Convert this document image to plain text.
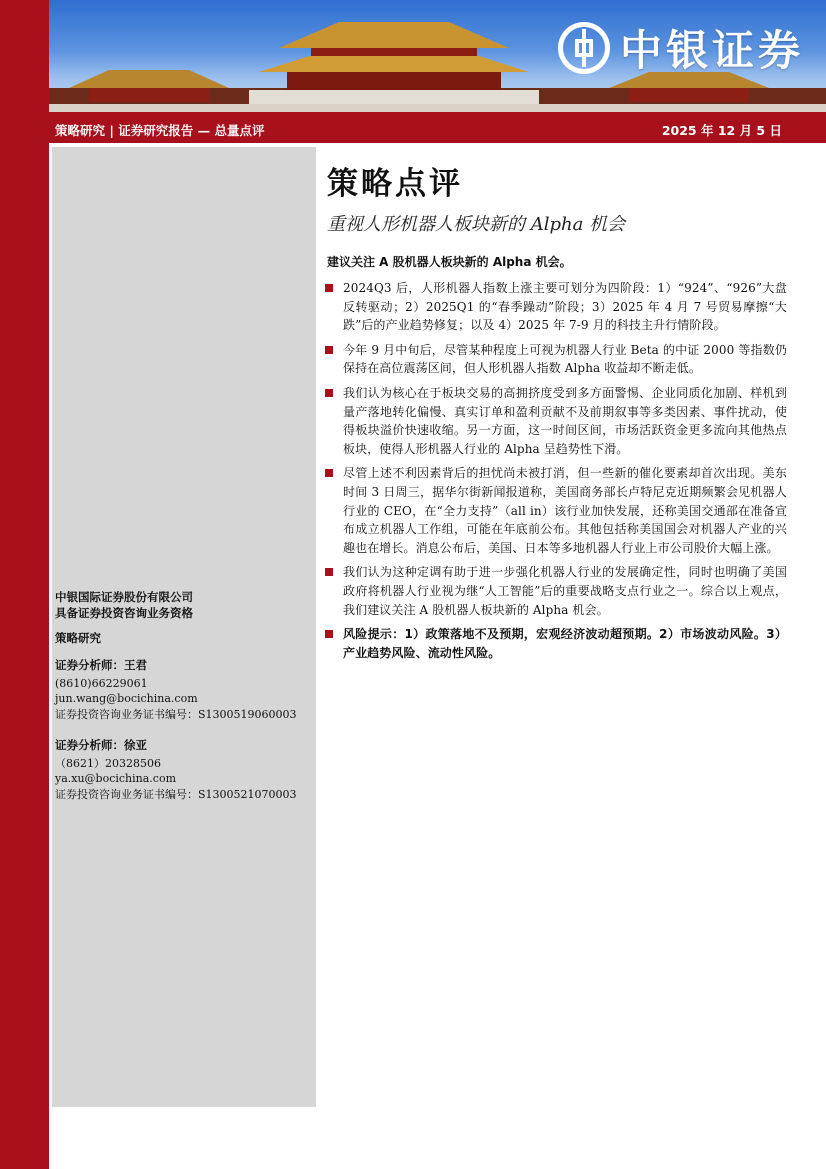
中银证券
策略研究 | 证券研究报告 — 总量点评	2025 年 12 月 5 日
中银国际证券股份有限公司
具备证券投资咨询业务资格
策略研究
证券分析师：王君
(8610)66229061
jun.wang@bocichina.com
证券投资咨询业务证书编号：S1300519060003
证券分析师：徐亚
（8621）20328506
ya.xu@bocichina.com
证券投资咨询业务证书编号：S1300521070003
策略点评
重视人形机器人板块新的 Alpha 机会
建议关注 A 股机器人板块新的 Alpha 机会。
2024Q3 后，人形机器人指数上涨主要可划分为四阶段：1）“924”、“926”大盘反转驱动；2）2025Q1 的“春季躁动”阶段；3）2025 年 4 月 7 号贸易摩擦“大跌”后的产业趋势修复；以及 4）2025 年 7-9 月的科技主升行情阶段。
今年 9 月中旬后，尽管某种程度上可视为机器人行业 Beta 的中证 2000 等指数仍保持在高位震荡区间，但人形机器人指数 Alpha 收益却不断走低。
我们认为核心在于板块交易的高拥挤度受到多方面警惕、企业同质化加剧、样机到量产落地转化偏慢、真实订单和盈利贡献不及前期叙事等多类因素、事件扰动，使得板块溢价快速收缩。另一方面，这一时间区间，市场活跃资金更多流向其他热点板块，使得人形机器人行业的 Alpha 呈趋势性下滑。
尽管上述不利因素背后的担忧尚未被打消，但一些新的催化要素却首次出现。美东时间 3 日周三，据华尔街新闻报道称，美国商务部长卢特尼克近期频繁会见机器人行业的 CEO，在“全力支持”（all in）该行业加快发展，还称美国交通部在准备宣布成立机器人工作组，可能在年底前公布。其他包括称美国国会对机器人产业的兴趣也在增长。消息公布后，美国、日本等多地机器人行业上市公司股价大幅上涨。
我们认为这种定调有助于进一步强化机器人行业的发展确定性，同时也明确了美国政府将机器人行业视为继“人工智能”后的重要战略支点行业之一。综合以上观点，我们建议关注 A 股机器人板块新的 Alpha 机会。
风险提示：1）政策落地不及预期，宏观经济波动超预期。2）市场波动风险。3）产业趋势风险、流动性风险。
